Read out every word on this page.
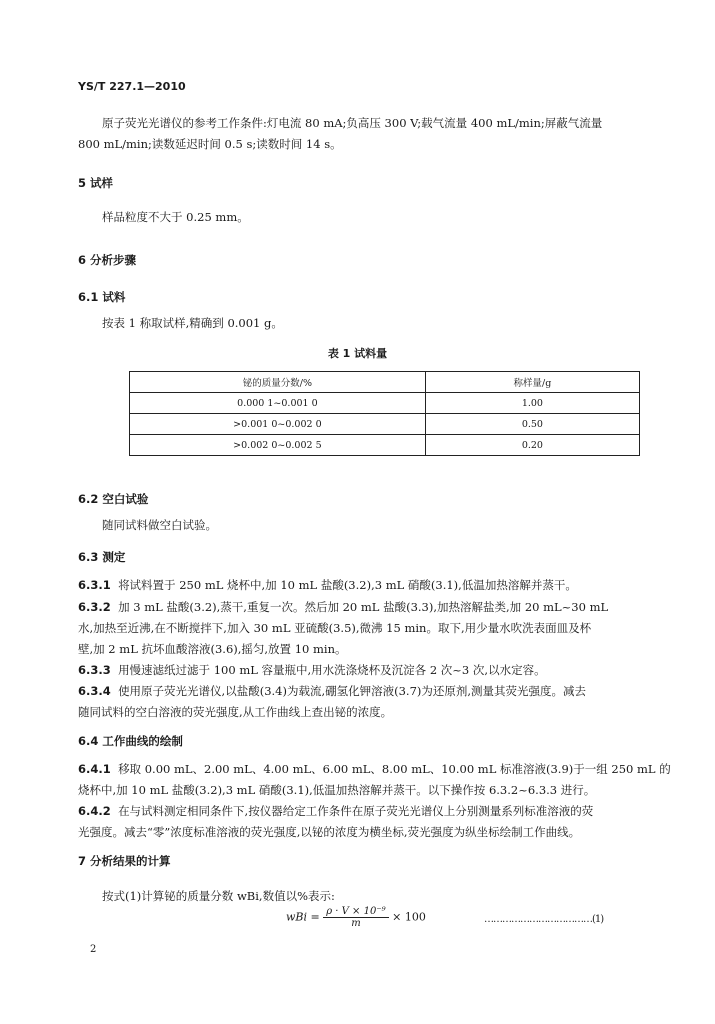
YS/T 227.1—2010
原子荧光光谱仪的参考工作条件:灯电流 80 mA;负高压 300 V;载气流量 400 mL/min;屏蔽气流量
800 mL/min;读数延迟时间 0.5 s;读数时间 14 s。
5 试样
样品粒度不大于 0.25 mm。
6 分析步骤
6.1 试料
按表 1 称取试样,精确到 0.001 g。
表 1 试料量
铋的质量分数/%	称样量/g
0.000 1~0.001 0	1.00
>0.001 0~0.002 0	0.50
>0.002 0~0.002 5	0.20
6.2 空白试验
随同试料做空白试验。
6.3 测定
6.3.1 将试料置于 250 mL 烧杯中,加 10 mL 盐酸(3.2),3 mL 硝酸(3.1),低温加热溶解并蒸干。
6.3.2 加 3 mL 盐酸(3.2),蒸干,重复一次。然后加 20 mL 盐酸(3.3),加热溶解盐类,加 20 mL~30 mL
水,加热至近沸,在不断搅拌下,加入 30 mL 亚硫酸(3.5),微沸 15 min。取下,用少量水吹洗表面皿及杯
壁,加 2 mL 抗坏血酸溶液(3.6),摇匀,放置 10 min。
6.3.3 用慢速滤纸过滤于 100 mL 容量瓶中,用水洗涤烧杯及沉淀各 2 次~3 次,以水定容。
6.3.4 使用原子荧光光谱仪,以盐酸(3.4)为载流,硼氢化钾溶液(3.7)为还原剂,测量其荧光强度。减去
随同试料的空白溶液的荧光强度,从工作曲线上查出铋的浓度。
6.4 工作曲线的绘制
6.4.1 移取 0.00 mL、2.00 mL、4.00 mL、6.00 mL、8.00 mL、10.00 mL 标准溶液(3.9)于一组 250 mL 的
烧杯中,加 10 mL 盐酸(3.2),3 mL 硝酸(3.1),低温加热溶解并蒸干。以下操作按 6.3.2~6.3.3 进行。
6.4.2 在与试料测定相同条件下,按仪器给定工作条件在原子荧光光谱仪上分别测量系列标准溶液的荧
光强度。减去“零”浓度标准溶液的荧光强度,以铋的浓度为横坐标,荧光强度为纵坐标绘制工作曲线。
7 分析结果的计算
按式(1)计算铋的质量分数 wBi,数值以%表示:
wBi = $\frac{\text{ρ · V × 10⁻⁹}}{m} \times 100$	………………………………(1)
2
